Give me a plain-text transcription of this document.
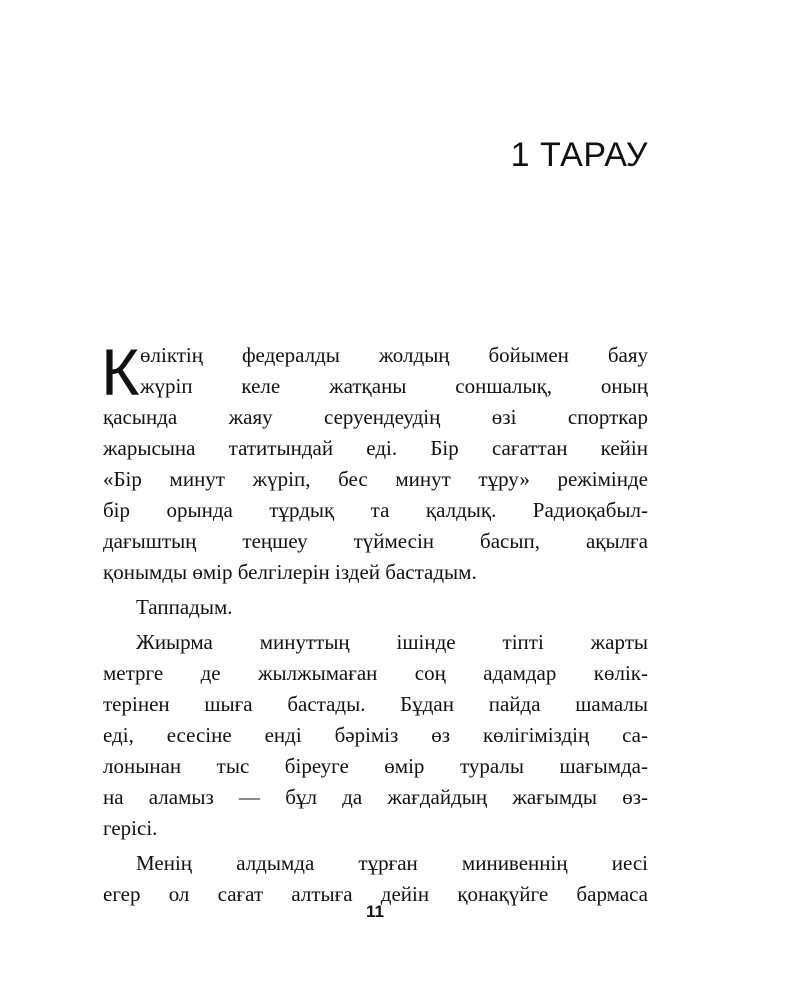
1 ТАРАУ
К өліктің федералды жолдың бойымен баяу
жүріп келе жатқаны соншалық, оның
қасында жаяу серуендеудің өзі спорткар
жарысына татитындай еді. Бір сағаттан кейін
«Бір минут жүріп, бес минут тұру» режімінде
бір орында тұрдық та қалдық. Радиоқабыл-
дағыштың теңшеу түймесін басып, ақылға
қонымды өмір белгілерін іздей бастадым.
Таппадым.
Жиырма минуттың ішінде тіпті жарты
метрге де жылжымаған соң адамдар көлік-
терінен шыға бастады. Бұдан пайда шамалы
еді, есесіне енді бәріміз өз көлігіміздің са-
лонынан тыс біреуге өмір туралы шағымда-
на аламыз — бұл да жағдайдың жағымды өз-
герісі.
Менің алдымда тұрған минивеннің иесі
егер ол сағат алтыға дейін қонақүйге бармаса
11
